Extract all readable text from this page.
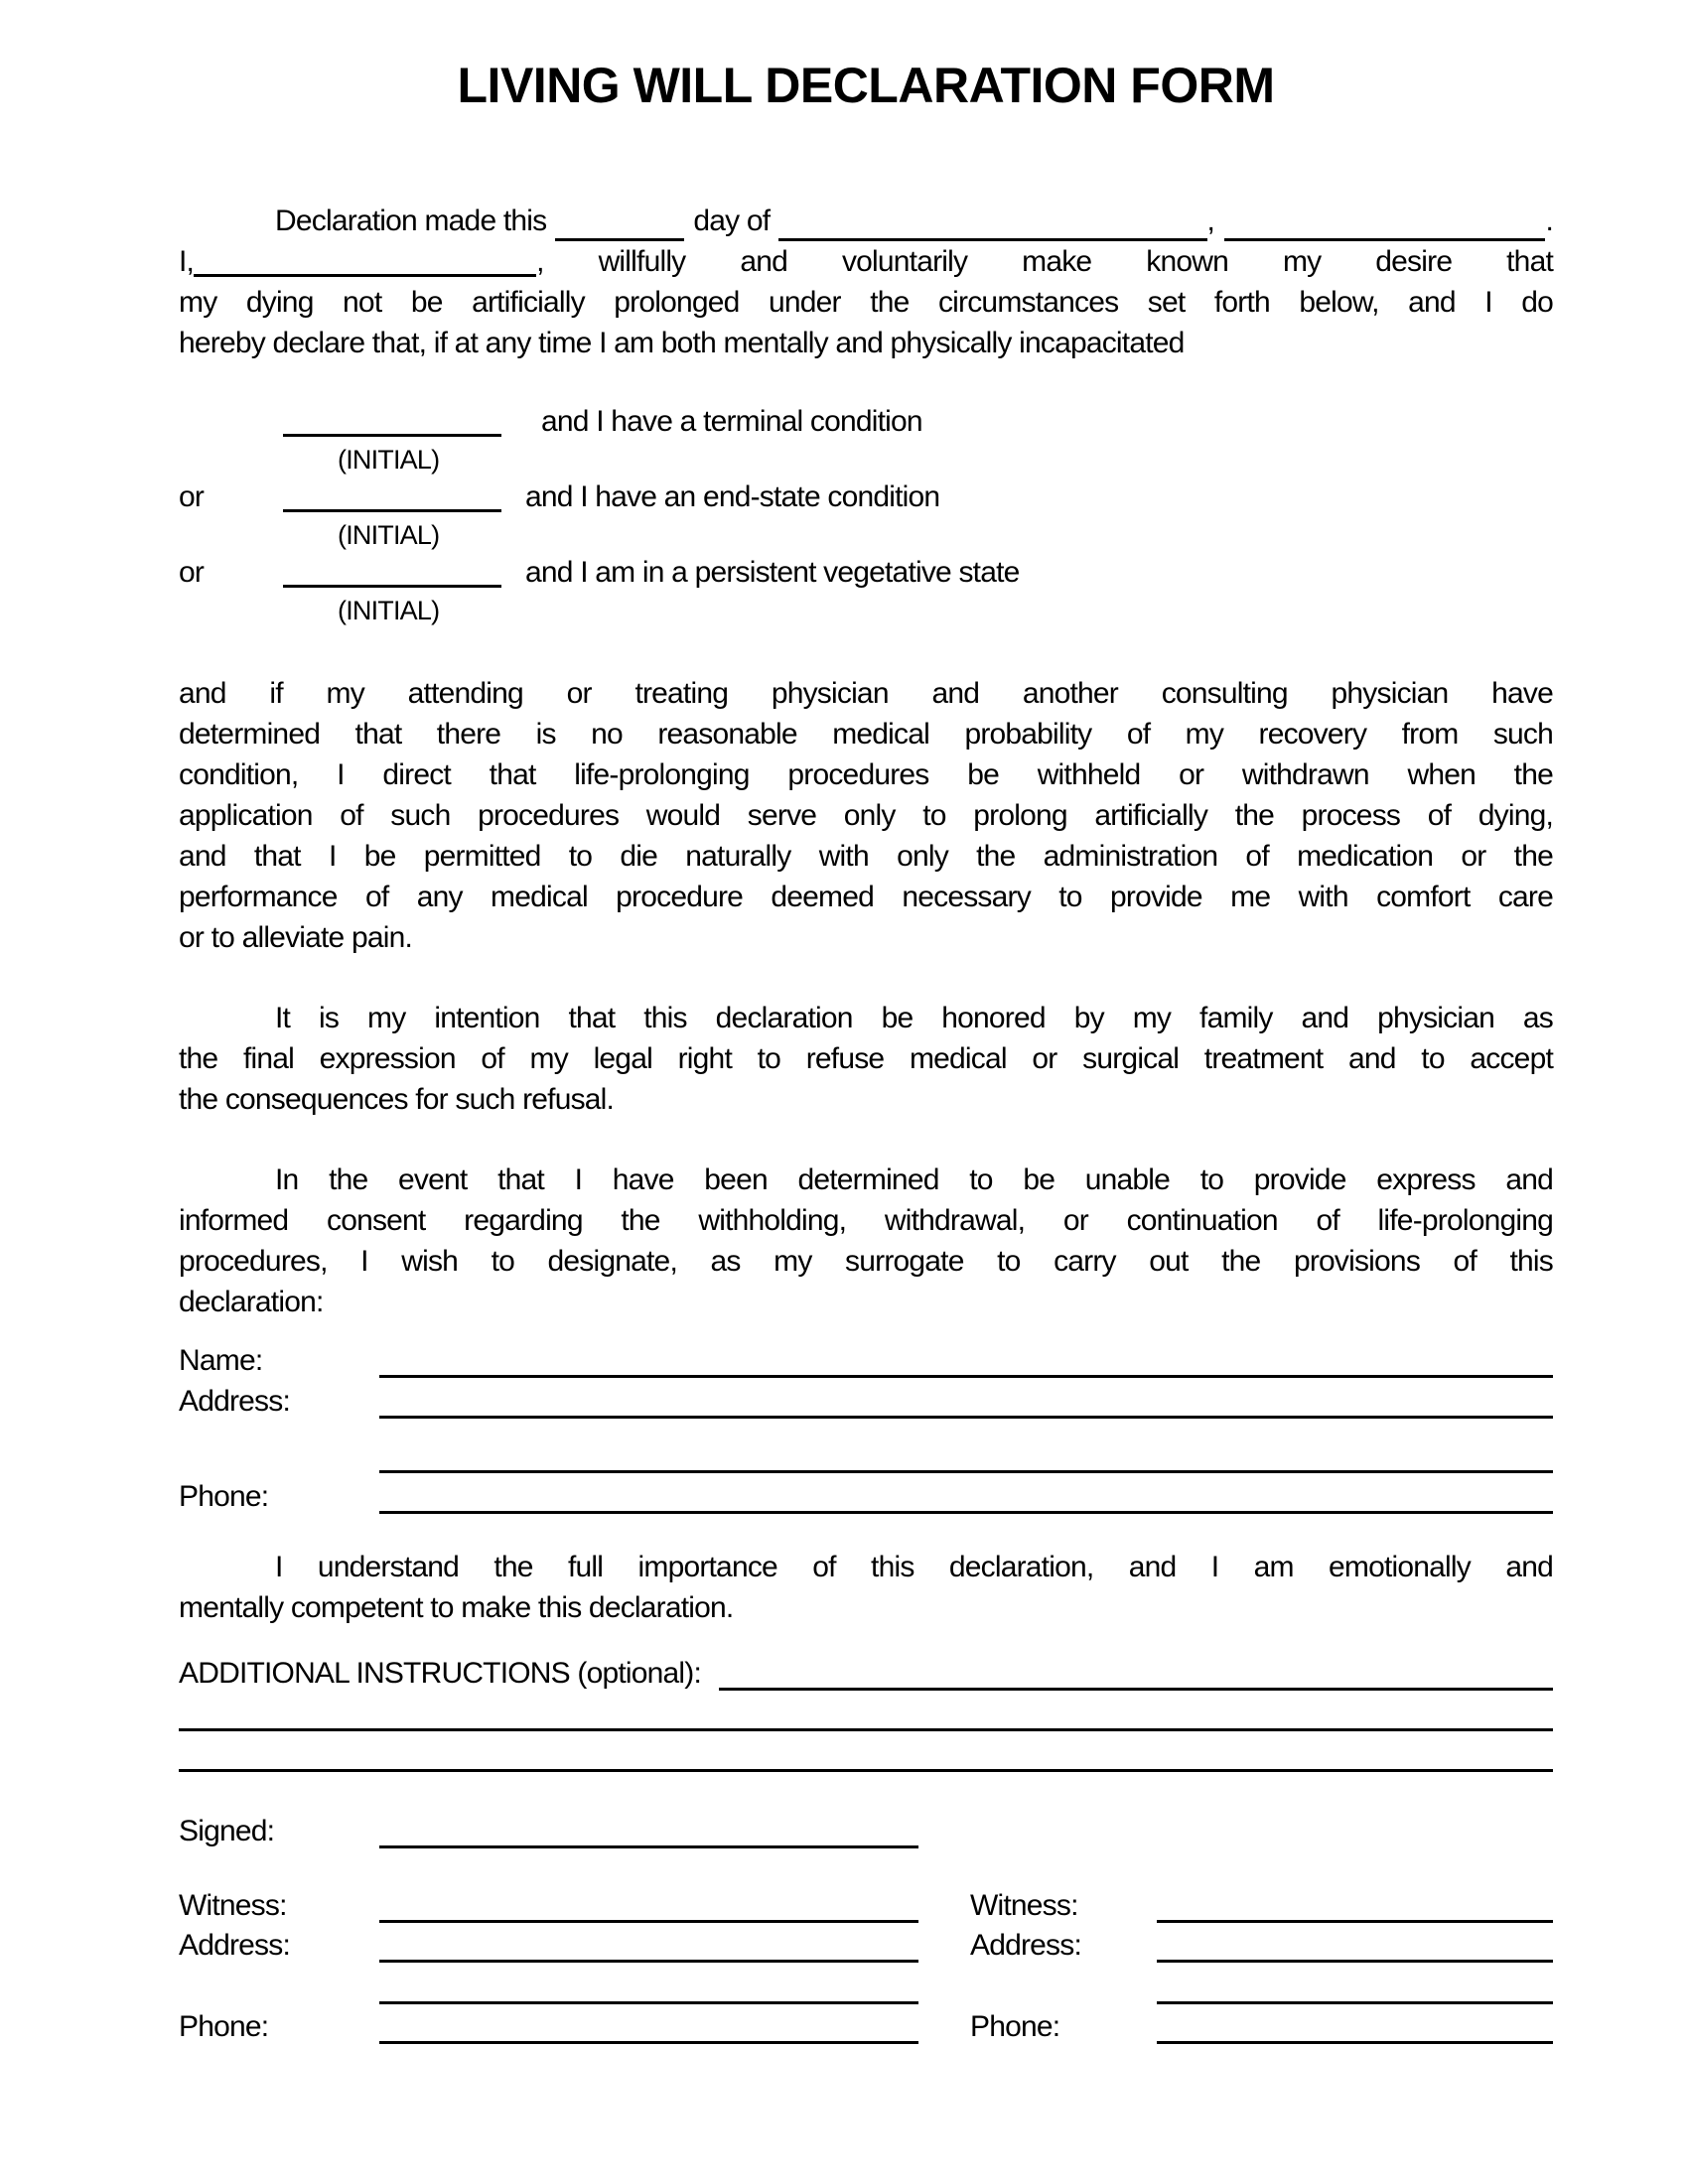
LIVING WILL DECLARATION FORM
Declaration made this	day of	,	.
I,	, willfully and voluntarily make known my desire that
my dying not be artificially prolonged under the circumstances set forth below, and I do
hereby declare that, if at any time I am both mentally and physically incapacitated
and I have a terminal condition
(INITIAL)
or	and I have an end-state condition
(INITIAL)
or	and I am in a persistent vegetative state
(INITIAL)
and if my attending or treating physician and another consulting physician have
determined that there is no reasonable medical probability of my recovery from such
condition, I direct that life-prolonging procedures be withheld or withdrawn when the
application of such procedures would serve only to prolong artificially the process of dying,
and that I be permitted to die naturally with only the administration of medication or the
performance of any medical procedure deemed necessary to provide me with comfort care
or to alleviate pain.
It is my intention that this declaration be honored by my family and physician as
the final expression of my legal right to refuse medical or surgical treatment and to accept
the consequences for such refusal.
In the event that I have been determined to be unable to provide express and
informed consent regarding the withholding, withdrawal, or continuation of life-prolonging
procedures, I wish to designate, as my surrogate to carry out the provisions of this
declaration:
Name:
Address:
Phone:
I understand the full importance of this declaration, and I am emotionally and
mentally competent to make this declaration.
ADDITIONAL INSTRUCTIONS (optional):
Signed:
Witness:	Witness:
Address:	Address:
Phone:	Phone:
